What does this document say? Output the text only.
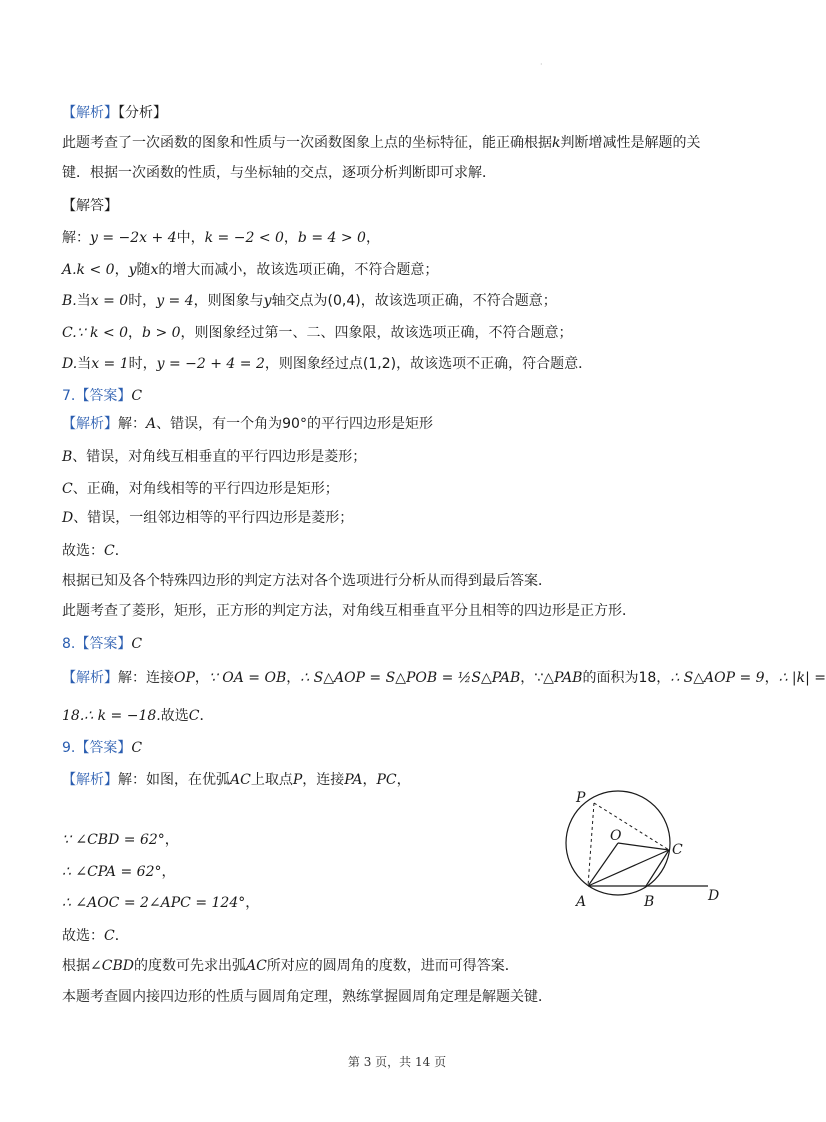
·
【解析】【分析】
此题考查了一次函数的图象和性质与一次函数图象上点的坐标特征，能正确根据k判断增减性是解题的关
键．根据一次函数的性质，与坐标轴的交点，逐项分析判断即可求解．
【解答】
解：y = −2x + 4中，k = −2 < 0，b = 4 > 0，
A.k < 0，y随x的增大而减小，故该选项正确，不符合题意；
B.当x = 0时，y = 4，则图象与y轴交点为(0,4)，故该选项正确，不符合题意；
C.∵ k < 0，b > 0，则图象经过第一、二、四象限，故该选项正确，不符合题意；
D.当x = 1时，y = −2 + 4 = 2，则图象经过点(1,2)，故该选项不正确，符合题意．
7.【答案】C
【解析】解：A、错误，有一个角为90°的平行四边形是矩形
B、错误，对角线互相垂直的平行四边形是菱形；
C、正确，对角线相等的平行四边形是矩形；
D、错误，一组邻边相等的平行四边形是菱形；
故选：C．
根据已知及各个特殊四边形的判定方法对各个选项进行分析从而得到最后答案．
此题考查了菱形，矩形，正方形的判定方法，对角线互相垂直平分且相等的四边形是正方形．
8.【答案】C
【解析】解：连接OP，∵ OA = OB，∴ S△AOP = S△POB = ½S△PAB，∵△PAB的面积为18，∴ S△AOP = 9，∴ |k| =
18.∴ k = −18.故选C．
9.【答案】C
【解析】解：如图，在优弧AC上取点P，连接PA，PC，
∵ ∠CBD = 62°，
∴ ∠CPA = 62°，
∴ ∠AOC = 2∠APC = 124°，
故选：C．
根据∠CBD的度数可先求出弧AC所对应的圆周角的度数，进而可得答案．
本题考查圆内接四边形的性质与圆周角定理，熟练掌握圆周角定理是解题关键．
P
O
C
A	B	D
第 3 页，共 14 页
